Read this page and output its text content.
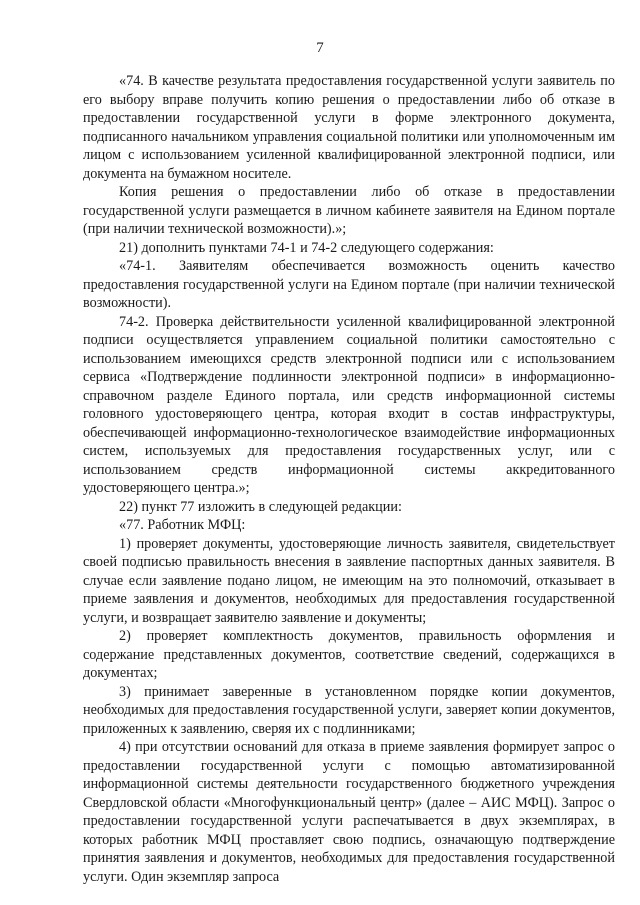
7

«74. В качестве результата предоставления государственной услуги заявитель по его выбору вправе получить копию решения о предоставлении либо об отказе в предоставлении государственной услуги в форме электронного документа, подписанного начальником управления социальной политики или уполномоченным им лицом с использованием усиленной квалифицированной электронной подписи, или документа на бумажном носителе.

Копия решения о предоставлении либо об отказе в предоставлении государственной услуги размещается в личном кабинете заявителя на Едином портале (при наличии технической возможности).»;

21) дополнить пунктами 74-1 и 74-2 следующего содержания:

«74-1. Заявителям обеспечивается возможность оценить качество предоставления государственной услуги на Едином портале (при наличии технической возможности).

74-2. Проверка действительности усиленной квалифицированной электронной подписи осуществляется управлением социальной политики самостоятельно с использованием имеющихся средств электронной подписи или с использованием сервиса «Подтверждение подлинности электронной подписи» в информационно-справочном разделе Единого портала, или средств информационной системы головного удостоверяющего центра, которая входит в состав инфраструктуры, обеспечивающей информационно-технологическое взаимодействие информационных систем, используемых для предоставления государственных услуг, или с использованием средств информационной системы аккредитованного удостоверяющего центра.»;

22) пункт 77 изложить в следующей редакции:

«77. Работник МФЦ:

1) проверяет документы, удостоверяющие личность заявителя, свидетельствует своей подписью правильность внесения в заявление паспортных данных заявителя. В случае если заявление подано лицом, не имеющим на это полномочий, отказывает в приеме заявления и документов, необходимых для предоставления государственной услуги, и возвращает заявителю заявление и документы;

2) проверяет комплектность документов, правильность оформления и содержание представленных документов, соответствие сведений, содержащихся в документах;

3) принимает заверенные в установленном порядке копии документов, необходимых для предоставления государственной услуги, заверяет копии документов, приложенных к заявлению, сверяя их с подлинниками;

4) при отсутствии оснований для отказа в приеме заявления формирует запрос о предоставлении государственной услуги с помощью автоматизированной информационной системы деятельности государственного бюджетного учреждения Свердловской области «Многофункциональный центр» (далее – АИС МФЦ). Запрос о предоставлении государственной услуги распечатывается в двух экземплярах, в которых работник МФЦ проставляет свою подпись, означающую подтверждение принятия заявления и документов, необходимых для предоставления государственной услуги. Один экземпляр запроса
